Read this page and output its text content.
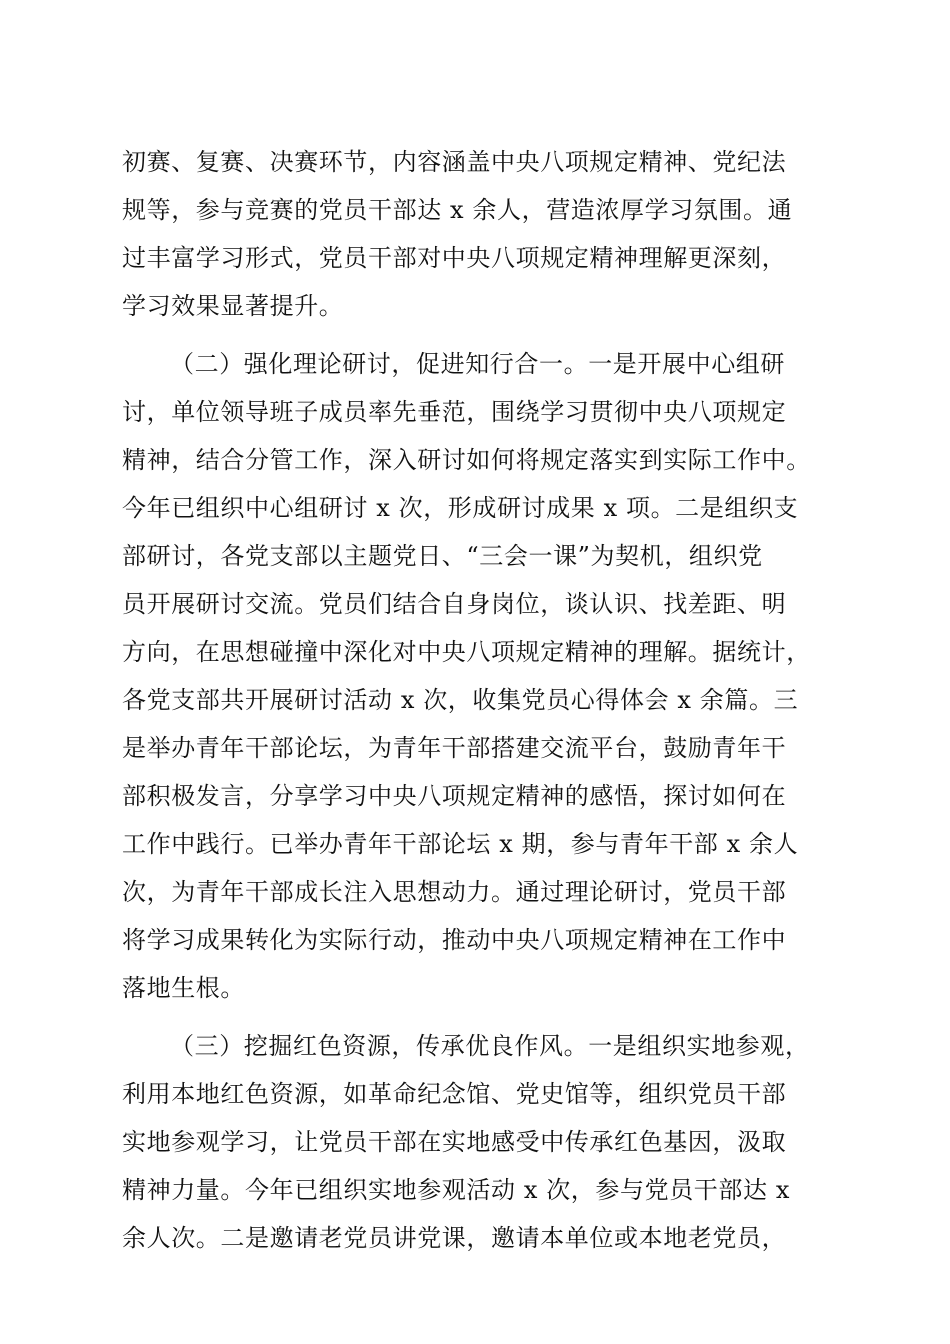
初赛、复赛、决赛环节，内容涵盖中央八项规定精神、党纪法
规等，参与竞赛的党员干部达 x 余人，营造浓厚学习氛围。通
过丰富学习形式，党员干部对中央八项规定精神理解更深刻，
学习效果显著提升。
（二）强化理论研讨，促进知行合一。一是开展中心组研
讨，单位领导班子成员率先垂范，围绕学习贯彻中央八项规定
精神，结合分管工作，深入研讨如何将规定落实到实际工作中。
今年已组织中心组研讨 x 次，形成研讨成果 x 项。二是组织支
部研讨，各党支部以主题党日、“三会一课”为契机，组织党
员开展研讨交流。党员们结合自身岗位，谈认识、找差距、明
方向，在思想碰撞中深化对中央八项规定精神的理解。据统计，
各党支部共开展研讨活动 x 次，收集党员心得体会 x 余篇。三
是举办青年干部论坛，为青年干部搭建交流平台，鼓励青年干
部积极发言，分享学习中央八项规定精神的感悟，探讨如何在
工作中践行。已举办青年干部论坛 x 期，参与青年干部 x 余人
次，为青年干部成长注入思想动力。通过理论研讨，党员干部
将学习成果转化为实际行动，推动中央八项规定精神在工作中
落地生根。
（三）挖掘红色资源，传承优良作风。一是组织实地参观，
利用本地红色资源，如革命纪念馆、党史馆等，组织党员干部
实地参观学习，让党员干部在实地感受中传承红色基因，汲取
精神力量。今年已组织实地参观活动 x 次，参与党员干部达 x
余人次。二是邀请老党员讲党课，邀请本单位或本地老党员，
